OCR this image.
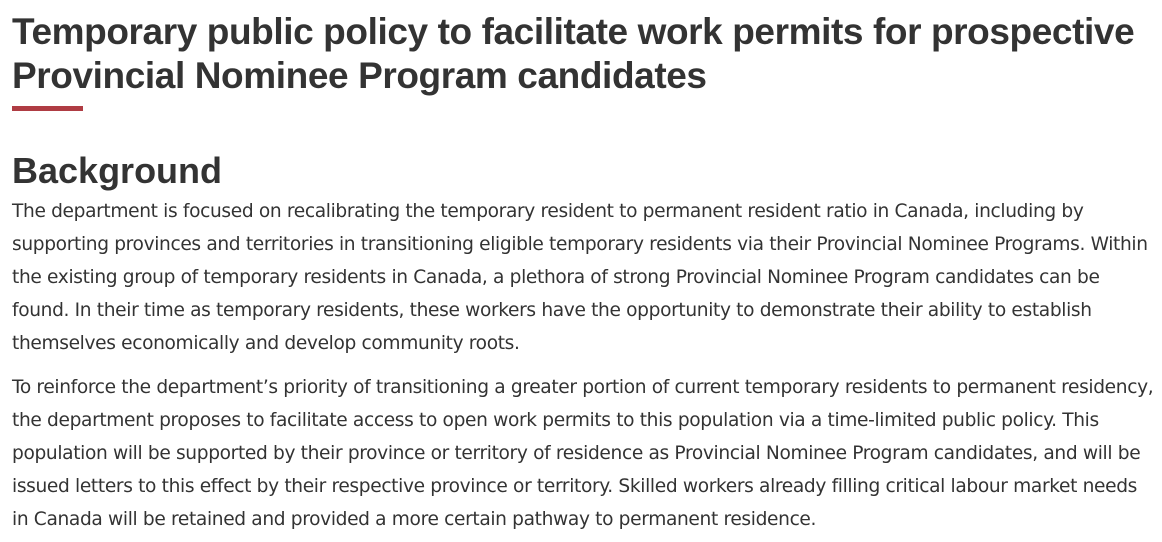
Temporary public policy to facilitate work permits for prospective Provincial Nominee Program candidates
Background

The department is focused on recalibrating the temporary resident to permanent resident ratio in Canada, including by supporting provinces and territories in transitioning eligible temporary residents via their Provincial Nominee Programs. Within the existing group of temporary residents in Canada, a plethora of strong Provincial Nominee Program candidates can be found. In their time as temporary residents, these workers have the opportunity to demonstrate their ability to establish themselves economically and develop community roots.

To reinforce the department’s priority of transitioning a greater portion of current temporary residents to permanent residency, the department proposes to facilitate access to open work permits to this population via a time-limited public policy. This population will be supported by their province or territory of residence as Provincial Nominee Program candidates, and will be issued letters to this effect by their respective province or territory. Skilled workers already filling critical labour market needs in Canada will be retained and provided a more certain pathway to permanent residence.
